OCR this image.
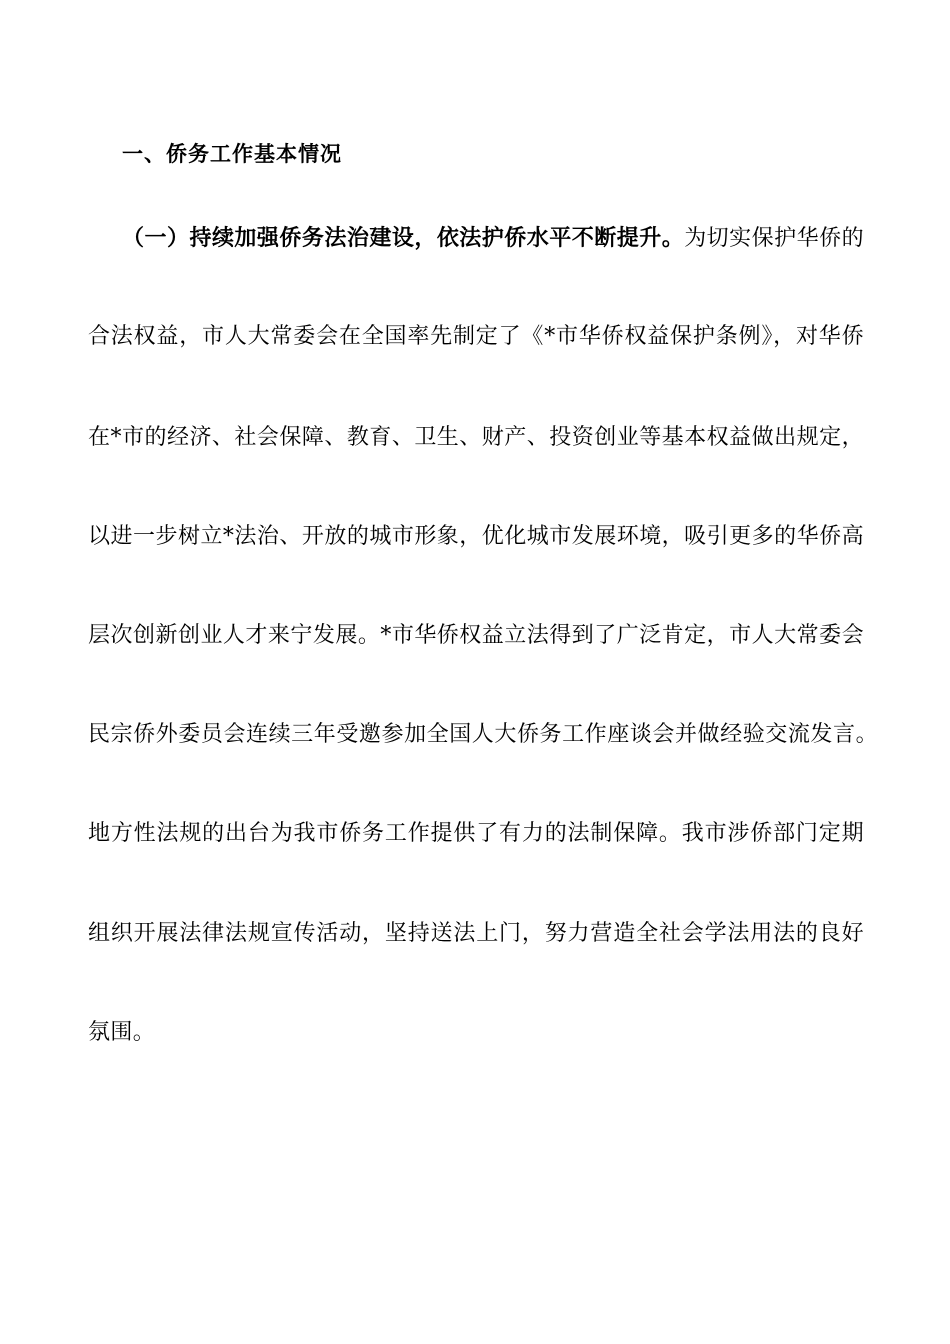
一、侨务工作基本情况
（一）持续加强侨务法治建设，依法护侨水平不断提升。为切实保护华侨的
合法权益，市人大常委会在全国率先制定了《*市华侨权益保护条例》，对华侨
在*市的经济、社会保障、教育、卫生、财产、投资创业等基本权益做出规定，
以进一步树立*法治、开放的城市形象，优化城市发展环境，吸引更多的华侨高
层次创新创业人才来宁发展。*市华侨权益立法得到了广泛肯定，市人大常委会
民宗侨外委员会连续三年受邀参加全国人大侨务工作座谈会并做经验交流发言。
地方性法规的出台为我市侨务工作提供了有力的法制保障。我市涉侨部门定期
组织开展法律法规宣传活动，坚持送法上门，努力营造全社会学法用法的良好
氛围。
